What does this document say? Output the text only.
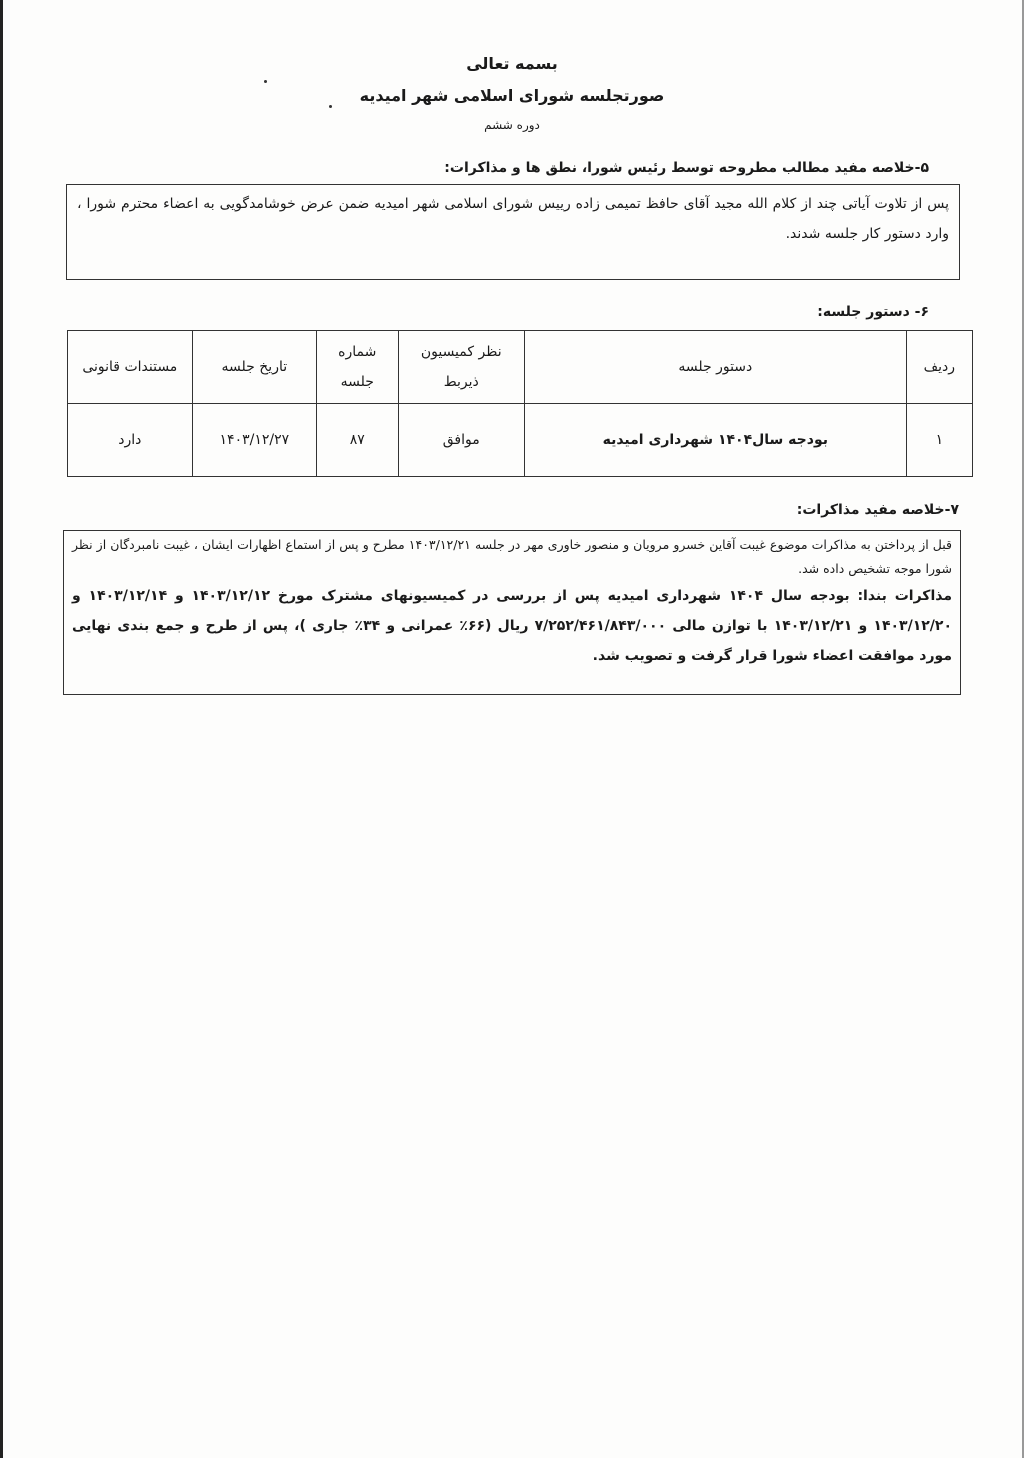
بسمه تعالی
صورتجلسه شورای اسلامی شهر امیدیه
دوره ششم
۵-خلاصه مفید مطالب مطروحه توسط رئیس شورا، نطق ها و مذاکرات:
پس از تلاوت آیاتی چند از کلام الله مجید آقای حافظ تمیمی زاده رییس شورای اسلامی شهر امیدیه ضمن عرض خوشامدگویی به اعضاء محترم شورا ، وارد دستور کار جلسه شدند.
۶- دستور جلسه:
ردیف	دستور جلسه	نظر کمیسیون ذیربط	شماره جلسه	تاریخ جلسه	مستندات قانونی
۱	بودجه سال۱۴۰۴ شهرداری امیدیه	موافق	۸۷	۱۴۰۳/۱۲/۲۷	دارد
۷-خلاصه مفید مذاکرات:
قبل از پرداختن به مذاکرات موضوع غیبت آقاین خسرو مرویان و منصور خاوری مهر در جلسه ۱۴۰۳/۱۲/۲۱ مطرح و پس از استماع اظهارات ایشان ، غیبت نامبردگان از نظر شورا موجه تشخیص داده شد.
مذاکرات بندا: بودجه سال ۱۴۰۴ شهرداری امیدیه پس از بررسی در کمیسیونهای مشترک مورخ ۱۴۰۳/۱۲/۱۲ و ۱۴۰۳/۱۲/۱۴ و ۱۴۰۳/۱۲/۲۰ و ۱۴۰۳/۱۲/۲۱ با توازن مالی ۷/۲۵۲/۴۶۱/۸۴۳/۰۰۰ ریال (۶۶٪ عمرانی و ۳۴٪ جاری )، پس از طرح و جمع بندی نهایی مورد موافقت اعضاء شورا قرار گرفت و تصویب شد.
